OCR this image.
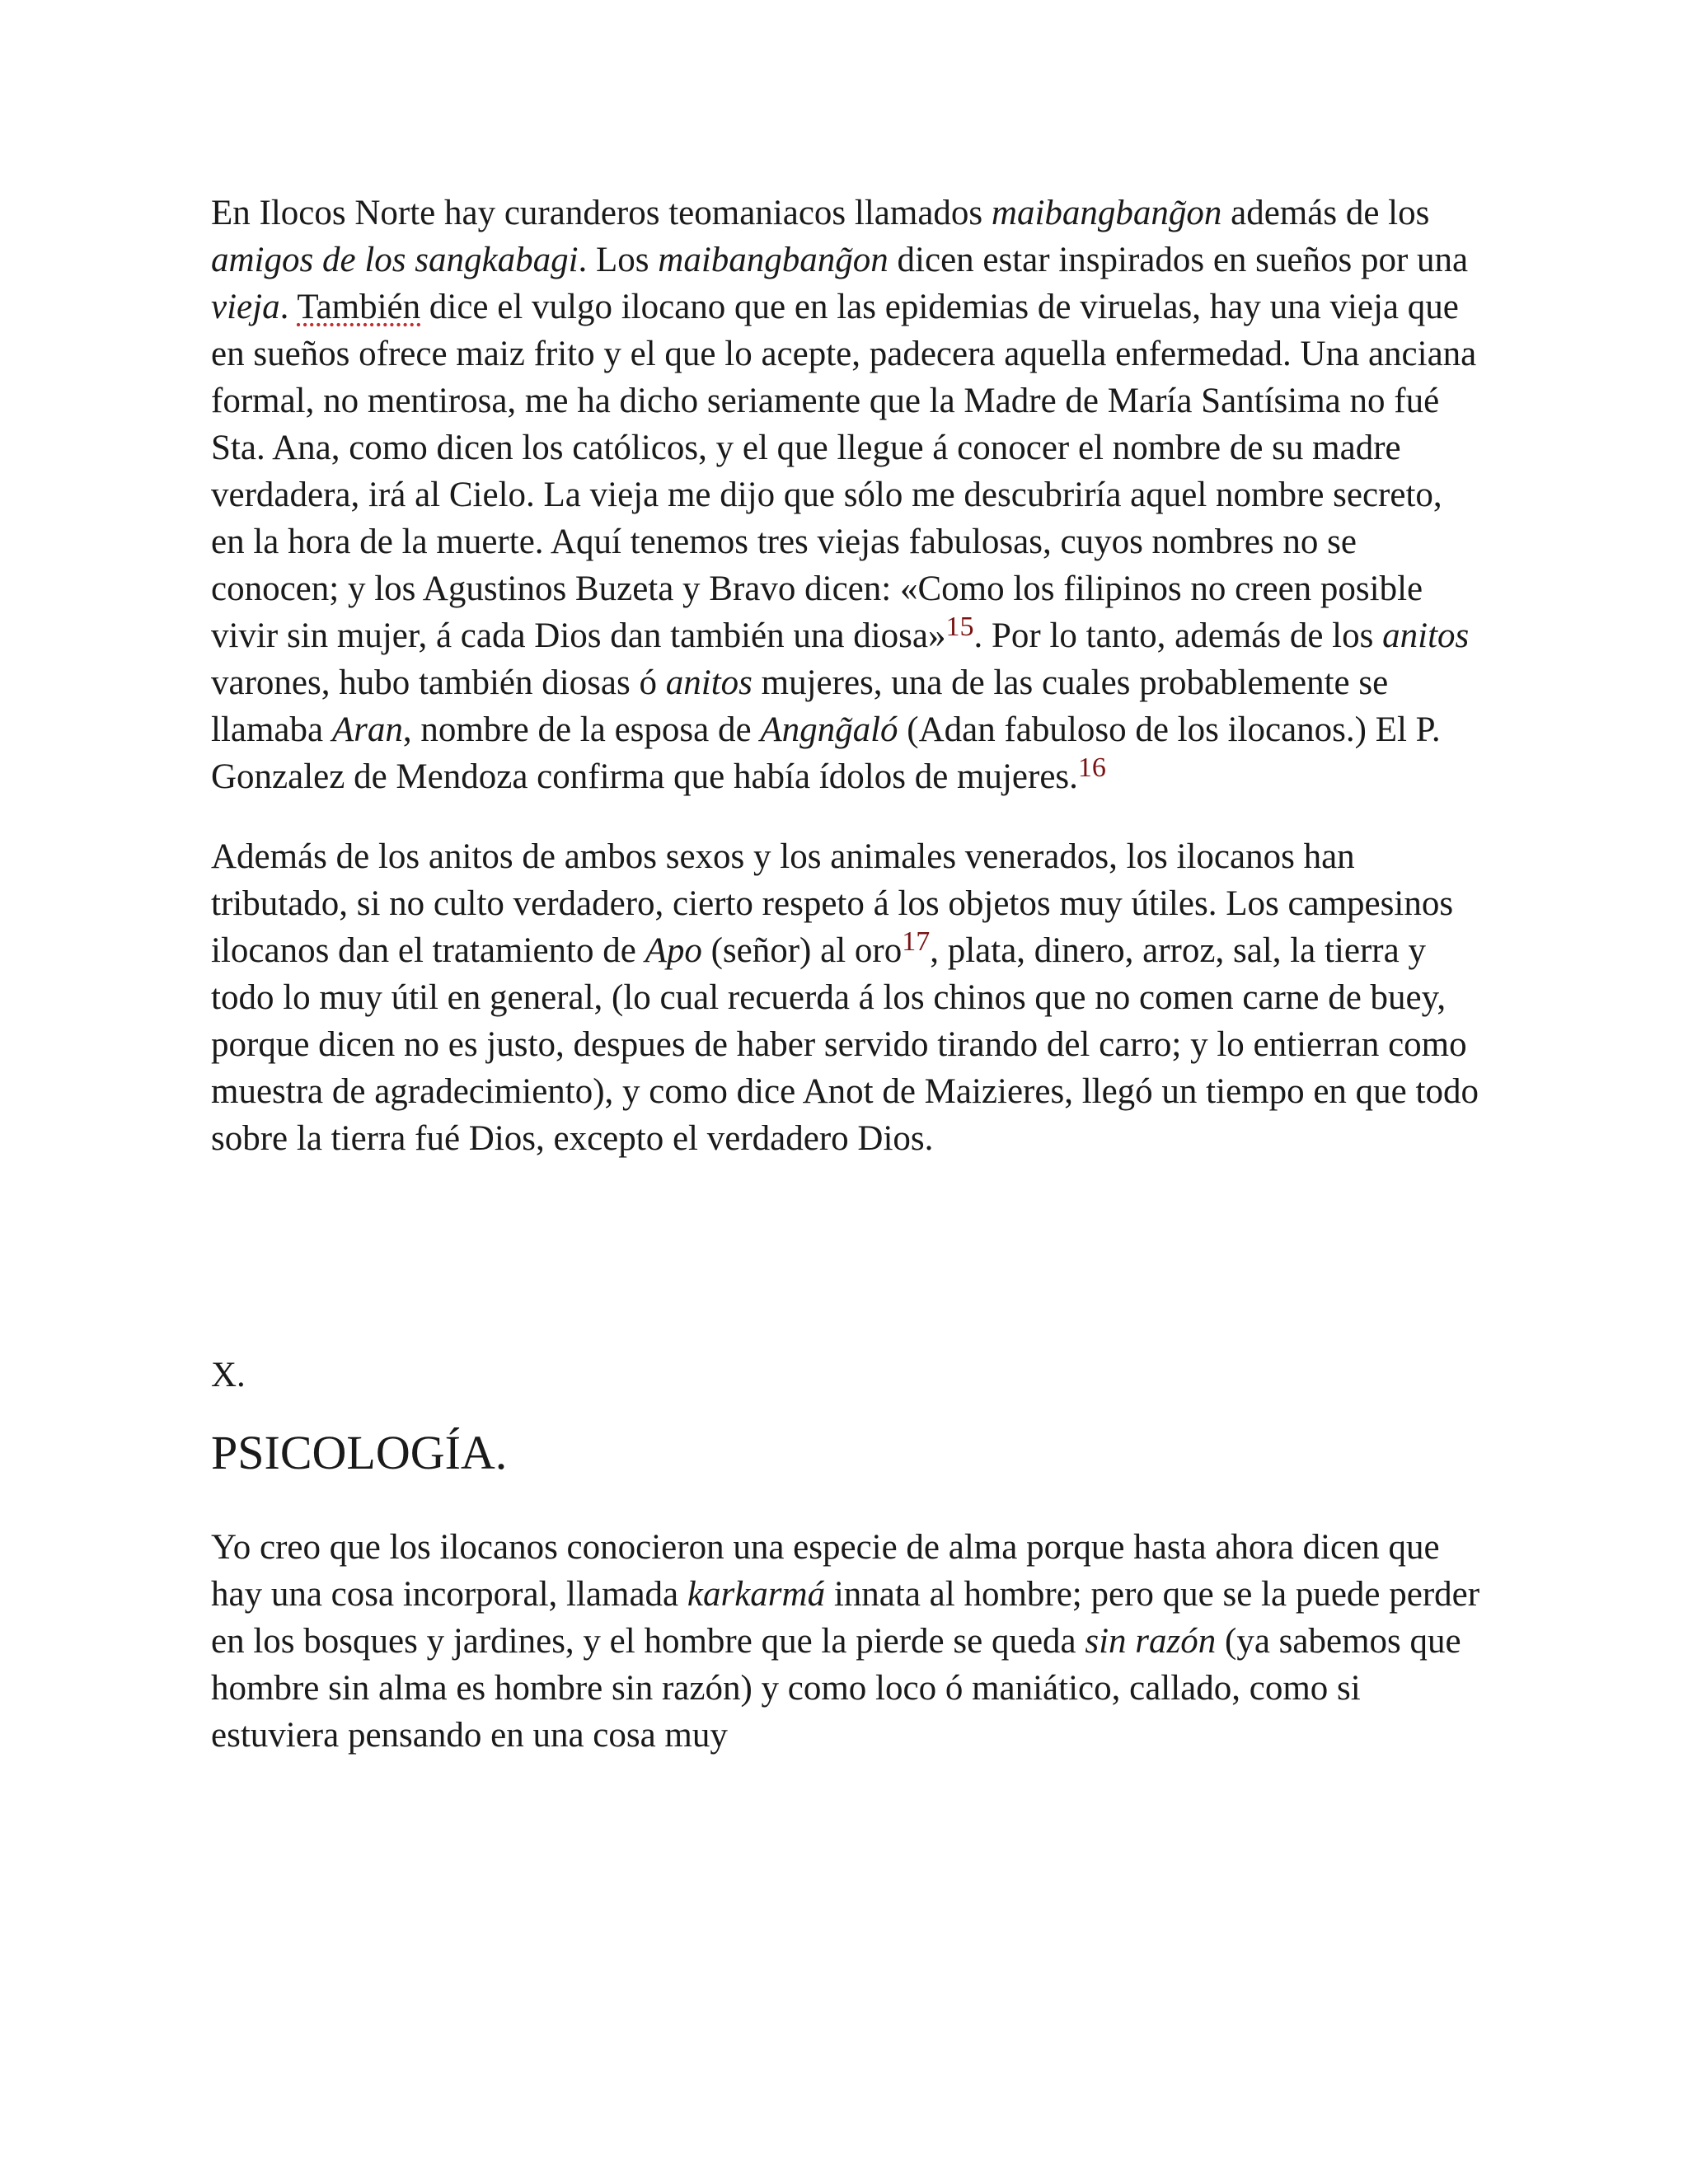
En Ilocos Norte hay curanderos teomaniacos llamados maibangbang̃on además de los amigos de los sangkabagi. Los maibangbang̃on dicen estar inspirados en sueños por una vieja. También dice el vulgo ilocano que en las epidemias de viruelas, hay una vieja que en sueños ofrece maiz frito y el que lo acepte, padecera aquella enfermedad. Una anciana formal, no mentirosa, me ha dicho seriamente que la Madre de María Santísima no fué Sta. Ana, como dicen los católicos, y el que llegue á conocer el nombre de su madre verdadera, irá al Cielo. La vieja me dijo que sólo me descubriría aquel nombre secreto, en la hora de la muerte. Aquí tenemos tres viejas fabulosas, cuyos nombres no se conocen; y los Agustinos Buzeta y Bravo dicen: «Como los filipinos no creen posible vivir sin mujer, á cada Dios dan también una diosa»$^{15}$. Por lo tanto, además de los anitos varones, hubo también diosas ó anitos mujeres, una de las cuales probablemente se llamaba Aran, nombre de la esposa de Angng̃aló (Adan fabuloso de los ilocanos.) El P. Gonzalez de Mendoza confirma que había ídolos de mujeres.$^{16}$

Además de los anitos de ambos sexos y los animales venerados, los ilocanos han tributado, si no culto verdadero, cierto respeto á los objetos muy útiles. Los campesinos ilocanos dan el tratamiento de Apo (señor) al oro$^{17}$, plata, dinero, arroz, sal, la tierra y todo lo muy útil en general, (lo cual recuerda á los chinos que no comen carne de buey, porque dicen no es justo, despues de haber servido tirando del carro; y lo entierran como muestra de agradecimiento), y como dice Anot de Maizieres, llegó un tiempo en que todo sobre la tierra fué Dios, excepto el verdadero Dios.

X.
PSICOLOGÍA.

Yo creo que los ilocanos conocieron una especie de alma porque hasta ahora dicen que hay una cosa incorporal, llamada karkarmá innata al hombre; pero que se la puede perder en los bosques y jardines, y el hombre que la pierde se queda sin razón (ya sabemos que hombre sin alma es hombre sin razón) y como loco ó maniático, callado, como si estuviera pensando en una cosa muy
